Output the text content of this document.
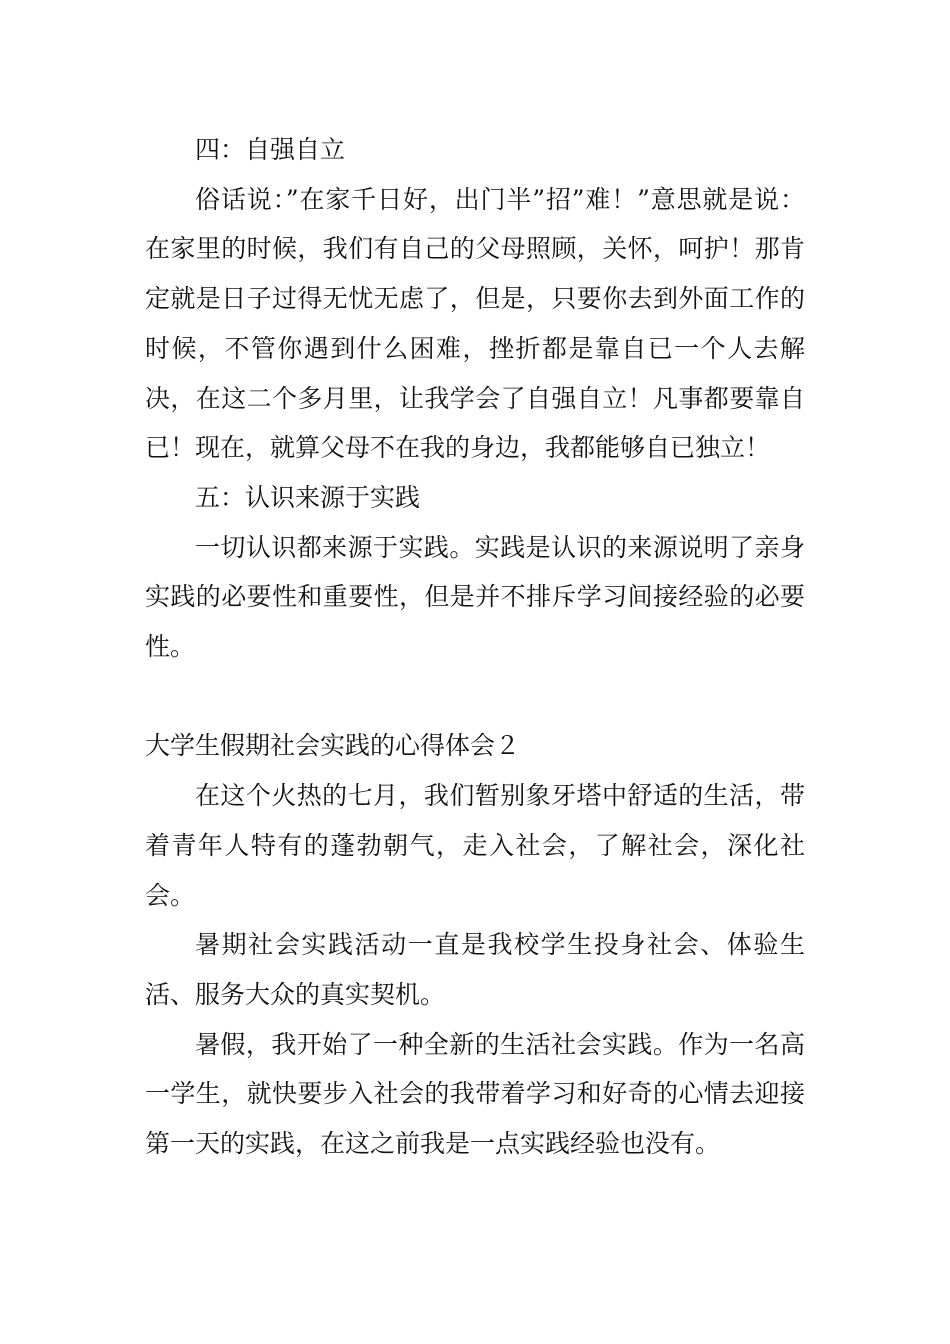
四：自强自立

俗话说：”在家千日好，出门半”招”难！”意思就是说：在家里的时候，我们有自己的父母照顾，关怀，呵护！那肯定就是日子过得无忧无虑了，但是，只要你去到外面工作的时候，不管你遇到什么困难，挫折都是靠自已一个人去解决，在这二个多月里，让我学会了自强自立！凡事都要靠自已！现在，就算父母不在我的身边，我都能够自已独立！

五：认识来源于实践

一切认识都来源于实践。实践是认识的来源说明了亲身实践的必要性和重要性，但是并不排斥学习间接经验的必要性。

大学生假期社会实践的心得体会２

在这个火热的七月，我们暂别象牙塔中舒适的生活，带着青年人特有的蓬勃朝气，走入社会，了解社会，深化社会。

暑期社会实践活动一直是我校学生投身社会、体验生活、服务大众的真实契机。

暑假，我开始了一种全新的生活社会实践。作为一名高一学生，就快要步入社会的我带着学习和好奇的心情去迎接第一天的实践，在这之前我是一点实践经验也没有。
